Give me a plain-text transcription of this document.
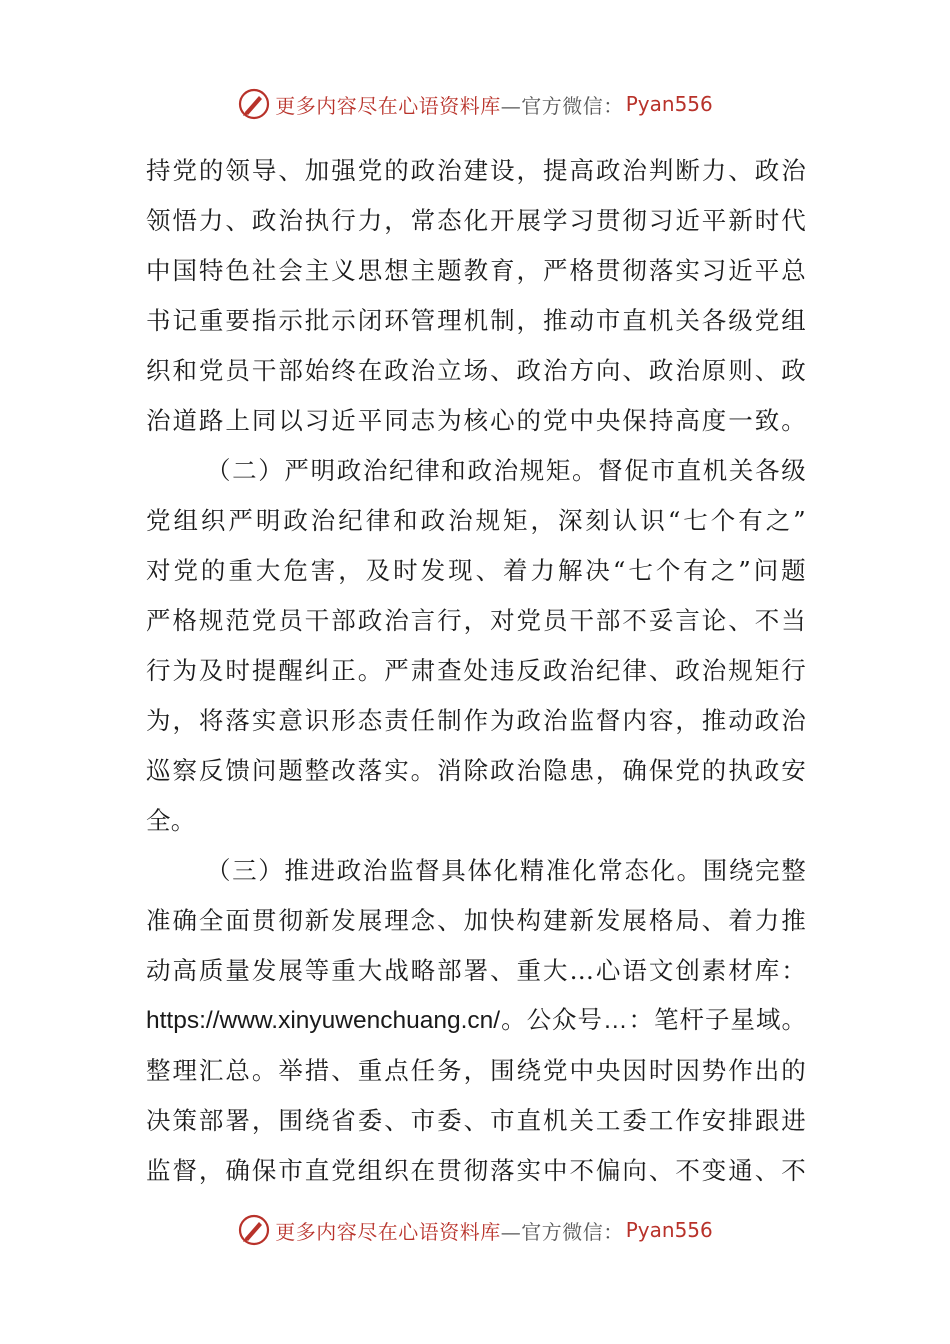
更多内容尽在心语资料库 —官方微信： Pyan556
持党的领导、加强党的政治建设，提高政治判断力、政治
领悟力、政治执行力，常态化开展学习贯彻习近平新时代
中国特色社会主义思想主题教育，严格贯彻落实习近平总
书记重要指示批示闭环管理机制，推动市直机关各级党组
织和党员干部始终在政治立场、政治方向、政治原则、政
治道路上同以习近平同志为核心的党中央保持高度一致。
（二）严明政治纪律和政治规矩。督促市直机关各级
党组织严明政治纪律和政治规矩，深刻认识“七个有之”
对党的重大危害，及时发现、着力解决“七个有之”问题
严格规范党员干部政治言行，对党员干部不妥言论、不当
行为及时提醒纠正。严肃查处违反政治纪律、政治规矩行
为，将落实意识形态责任制作为政治监督内容，推动政治
巡察反馈问题整改落实。消除政治隐患，确保党的执政安
全。
（三）推进政治监督具体化精准化常态化。围绕完整
准确全面贯彻新发展理念、加快构建新发展格局、着力推
动高质量发展等重大战略部署、重大…心语文创素材库：
https://www.xinyuwenchuang.cn/。公众号…：笔杆子星域。
整理汇总。举措、重点任务，围绕党中央因时因势作出的
决策部署，围绕省委、市委、市直机关工委工作安排跟进
监督，确保市直党组织在贯彻落实中不偏向、不变通、不
更多内容尽在心语资料库 —官方微信： Pyan556
